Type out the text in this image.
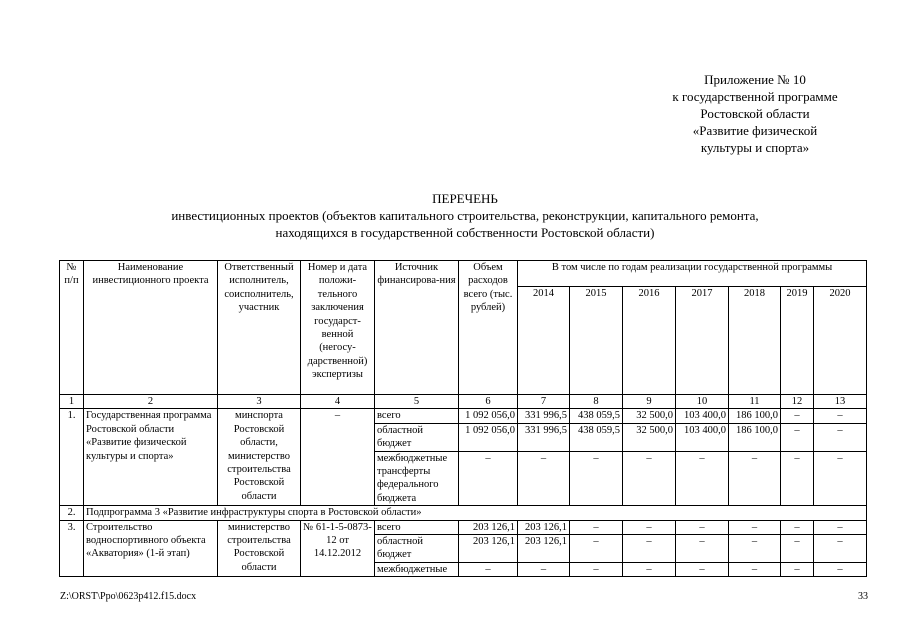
Приложение № 10
к государственной программе
Ростовской области
«Развитие физической
культуры и спорта»
ПЕРЕЧЕНЬ
инвестиционных проектов (объектов капитального строительства, реконструкции, капитального ремонта,
находящихся в государственной собственности Ростовской области)
№ п/п	Наименование инвестиционного проекта	Ответственный исполнитель, соисполнитель, участник	Номер и дата положи-тельного заключения государст-венной (негосу-дарственной) экспертизы	Источник финансирова-ния	Объем расходов всего (тыс. рублей)	В том числе по годам реализации государственной программы						
						2014	2015	2016	2017	2018	2019	2020
1	2	3	4	5	6	7	8	9	10	11	12	13
1.	Государственная программа Ростовской области «Развитие физической культуры и спорта»	минспорта Ростовской области, министерство строительства Ростовской области	–	всего	1 092 056,0	331 996,5	438 059,5	32 500,0	103 400,0	186 100,0	–	–
				областной бюджет	1 092 056,0	331 996,5	438 059,5	32 500,0	103 400,0	186 100,0	–	–
				межбюджетные трансферты федерального бюджета	–	–	–	–	–	–	–	–
2.	Подпрограмма 3 «Развитие инфраструктуры спорта в Ростовской области»											
3.	Строительство водноспортивного объекта «Акватория» (1-й этап)	министерство строительства Ростовской области	№ 61-1-5-0873-12 от 14.12.2012	всего	203 126,1	203 126,1	–	–	–	–	–	–
				областной бюджет	203 126,1	203 126,1	–	–	–	–	–	–
				межбюджетные	–	–	–	–	–	–	–	–
Z:\ORST\Ppo\0623p412.f15.docx	33
